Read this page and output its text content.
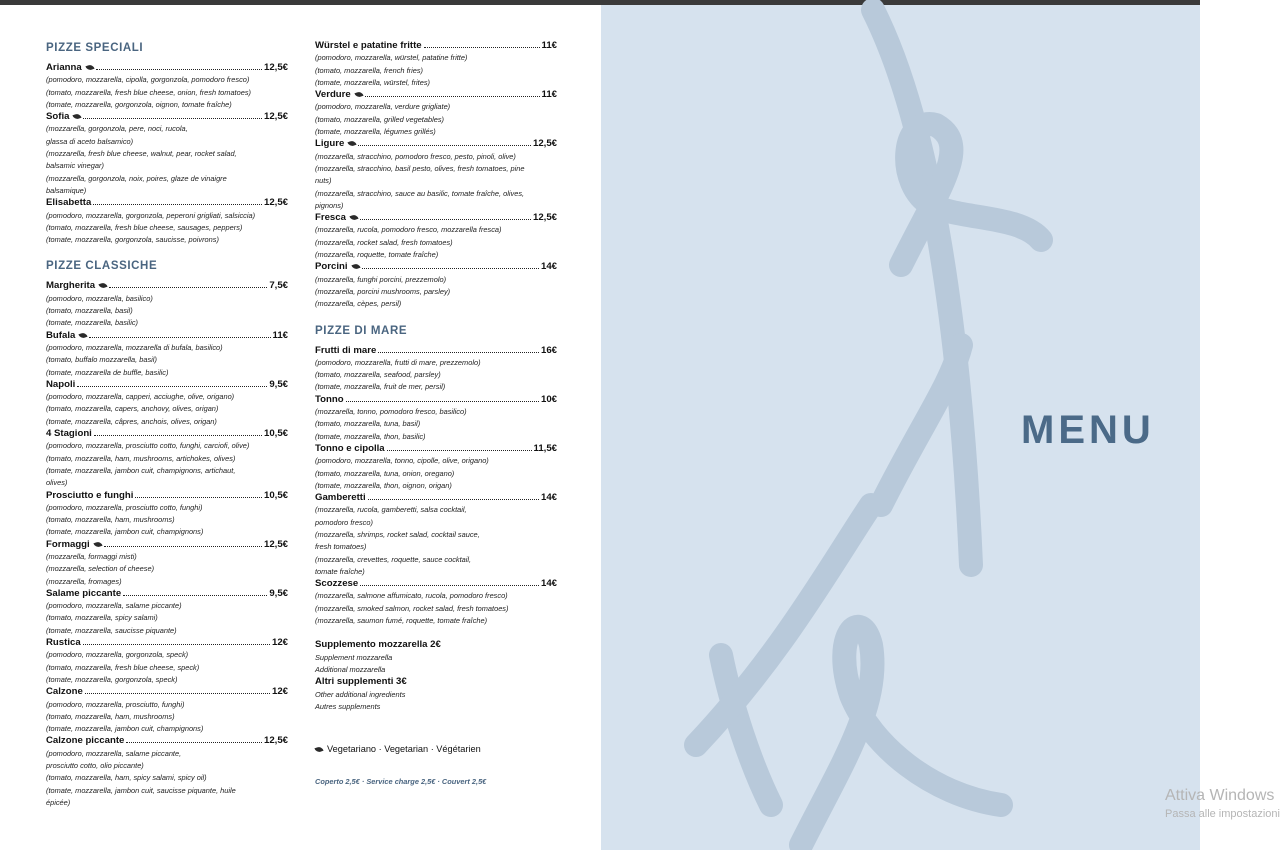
PIZZE SPECIALI
Arianna	12,5€
(pomodoro, mozzarella, cipolla, gorgonzola, pomodoro fresco)
(tomato, mozzarella, fresh blue cheese, onion, fresh tomatoes)
(tomate, mozzarella, gorgonzola, oignon, tomate fraîche)
Sofia	12,5€
(mozzarella, gorgonzola, pere, noci, rucola,
glassa di aceto balsamico)
(mozzarella, fresh blue cheese, walnut, pear, rocket salad,
balsamic vinegar)
(mozzarella, gorgonzola, noix, poires, glaze de vinaigre
balsamique)
Elisabetta	12,5€
(pomodoro, mozzarella, gorgonzola, peperoni grigliati, salsiccia)
(tomato, mozzarella, fresh blue cheese, sausages, peppers)
(tomate, mozzarella, gorgonzola, saucisse, poivrons)
PIZZE CLASSICHE
Margherita	7,5€
(pomodoro, mozzarella, basilico)
(tomato, mozzarella, basil)
(tomate, mozzarella, basilic)
Bufala	11€
(pomodoro, mozzarella, mozzarella di bufala, basilico)
(tomato, buffalo mozzarella, basil)
(tomate, mozzarella de buffle, basilic)
Napoli	9,5€
(pomodoro, mozzarella, capperi, acciughe, olive, origano)
(tomato, mozzarella, capers, anchovy, olives, origan)
(tomate, mozzarella, câpres, anchois, olives, origan)
4 Stagioni	10,5€
(pomodoro, mozzarella, prosciutto cotto, funghi, carciofi, olive)
(tomato, mozzarella, ham, mushrooms, artichokes, olives)
(tomate, mozzarella, jambon cuit, champignons, artichaut,
olives)
Prosciutto e funghi	10,5€
(pomodoro, mozzarella, prosciutto cotto, funghi)
(tomato, mozzarella, ham, mushrooms)
(tomate, mozzarella, jambon cuit, champignons)
Formaggi	12,5€
(mozzarella, formaggi misti)
(mozzarella, selection of cheese)
(mozzarella, fromages)
Salame piccante	9,5€
(pomodoro, mozzarella, salame piccante)
(tomato, mozzarella, spicy salami)
(tomate, mozzarella, saucisse piquante)
Rustica	12€
(pomodoro, mozzarella, gorgonzola, speck)
(tomato, mozzarella, fresh blue cheese, speck)
(tomate, mozzarella, gorgonzola, speck)
Calzone	12€
(pomodoro, mozzarella, prosciutto, funghi)
(tomato, mozzarella, ham, mushrooms)
(tomate, mozzarella, jambon cuit, champignons)
Calzone piccante	12,5€
(pomodoro, mozzarella, salame piccante,
prosciutto cotto, olio piccante)
(tomato, mozzarella, ham, spicy salami, spicy oil)
(tomate, mozzarella, jambon cuit, saucisse piquante, huile
épicée)
Würstel e patatine fritte	11€
(pomodoro, mozzarella, würstel, patatine fritte)
(tomato, mozzarella, french fries)
(tomate, mozzarella, würstel, frites)
Verdure	11€
(pomodoro, mozzarella, verdure grigliate)
(tomato, mozzarella, grilled vegetables)
(tomate, mozzarella, légumes grillés)
Ligure	12,5€
(mozzarella, stracchino, pomodoro fresco, pesto, pinoli, olive)
(mozzarella, stracchino, basil pesto, olives, fresh tomatoes, pine
nuts)
(mozzarella, stracchino, sauce au basilic, tomate fraîche, olives,
pignons)
Fresca	12,5€
(mozzarella, rucola, pomodoro fresco, mozzarella fresca)
(mozzarella, rocket salad, fresh tomatoes)
(mozzarella, roquette, tomate fraîche)
Porcini	14€
(mozzarella, funghi porcini, prezzemolo)
(mozzarella, porcini mushrooms, parsley)
(mozzarella, cèpes, persil)
PIZZE DI MARE
Frutti di mare	16€
(pomodoro, mozzarella, frutti di mare, prezzemolo)
(tomato, mozzarella, seafood, parsley)
(tomate, mozzarella, fruit de mer, persil)
Tonno	10€
(mozzarella, tonno, pomodoro fresco, basilico)
(tomato, mozzarella, tuna, basil)
(tomate, mozzarella, thon, basilic)
Tonno e cipolla	11,5€
(pomodoro, mozzarella, tonno, cipolle, olive, origano)
(tomato, mozzarella, tuna, onion, oregano)
(tomate, mozzarella, thon, oignon, origan)
Gamberetti	14€
(mozzarella, rucola, gamberetti, salsa cocktail,
pomodoro fresco)
(mozzarella, shrimps, rocket salad, cocktail sauce,
fresh tomatoes)
(mozzarella, crevettes, roquette, sauce cocktail,
tomate fraîche)
Scozzese	14€
(mozzarella, salmone affumicato, rucola, pomodoro fresco)
(mozzarella, smoked salmon, rocket salad, fresh tomatoes)
(mozzarella, saumon fumé, roquette, tomate fraîche)
Supplemento mozzarella 2€
Supplement mozzarella
Additional mozzarella
Altri supplementi 3€
Other additional ingredients
Autres supplements
Vegetariano · Vegetarian · Végétarien
Coperto 2,5€ · Service charge 2,5€ · Couvert 2,5€
MENU
Attiva Windows
Passa alle impostazioni
